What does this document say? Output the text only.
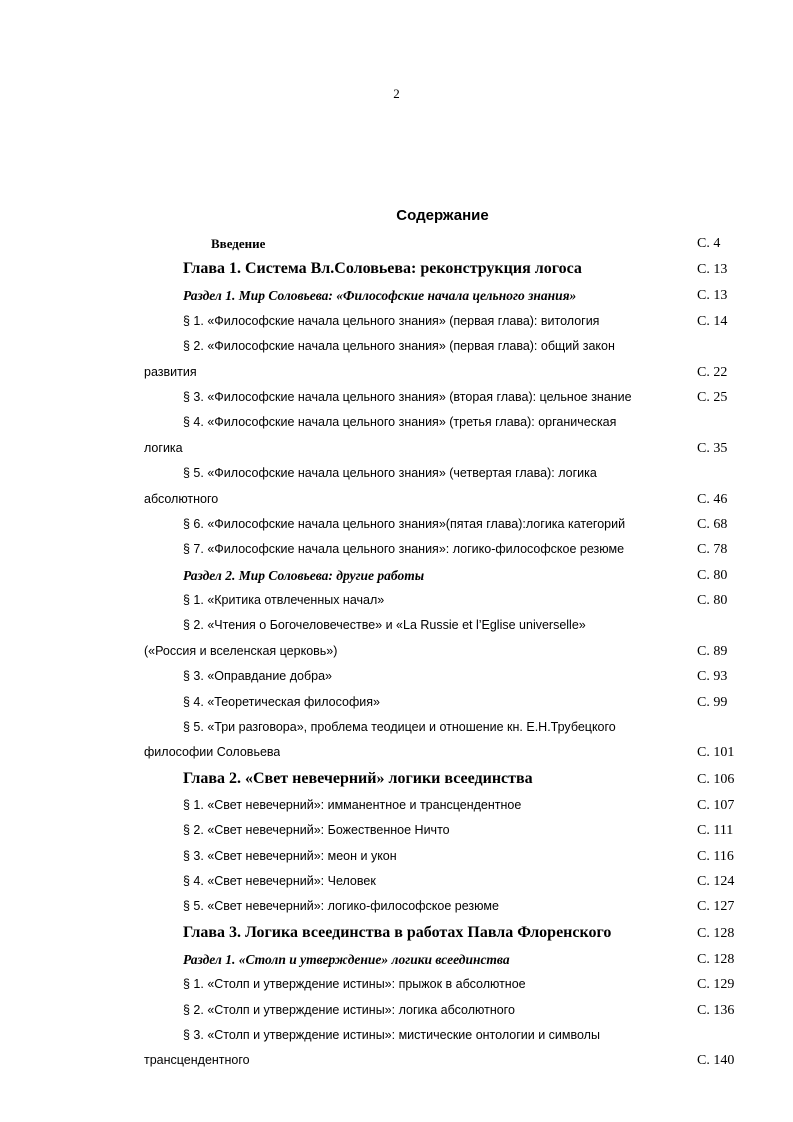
2
Содержание
Введение	С. 4
Глава 1. Система Вл.Соловьева: реконструкция логоса	С. 13
Раздел 1. Мир Соловьева: «Философские начала цельного знания»	С. 13
§ 1. «Философские начала цельного знания» (первая глава): витология	С. 14
§ 2. «Философские начала цельного знания» (первая глава): общий закон
развития	С. 22
§ 3. «Философские начала цельного знания» (вторая глава): цельное знание	С. 25
§ 4. «Философские начала цельного знания» (третья глава): органическая
логика	С. 35
§ 5. «Философские начала цельного знания» (четвертая глава): логика
абсолютного	С. 46
§ 6. «Философские начала цельного знания»(пятая глава):логика категорий	С. 68
§ 7. «Философские начала цельного знания»: логико-философское резюме	С. 78
Раздел 2. Мир Соловьева: другие работы	С. 80
§ 1. «Критика отвлеченных начал»	С. 80
§ 2. «Чтения о Богочеловечестве» и «La Russie et l’Eglise universelle»
(«Россия и вселенская церковь»)	С. 89
§ 3. «Оправдание добра»	С. 93
§ 4. «Теоретическая философия»	С. 99
§ 5. «Три разговора», проблема теодицеи и отношение кн. Е.Н.Трубецкого
философии Соловьева	С. 101
Глава 2. «Свет невечерний» логики всеединства	С. 106
§ 1. «Свет невечерний»: имманентное и трансцендентное	С. 107
§ 2. «Свет невечерний»: Божественное Ничто	С. 111
§ 3. «Свет невечерний»: меон и укон	С. 116
§ 4. «Свет невечерний»: Человек	С. 124
§ 5. «Свет невечерний»: логико-философское резюме	С. 127
Глава 3. Логика всеединства в работах Павла Флоренского	С. 128
Раздел 1. «Столп и утверждение» логики всеединства	С. 128
§ 1. «Столп и утверждение истины»: прыжок в абсолютное	С. 129
§ 2. «Столп и утверждение истины»: логика абсолютного	С. 136
§ 3. «Столп и утверждение истины»: мистические онтологии и символы
трансцендентного	С. 140
